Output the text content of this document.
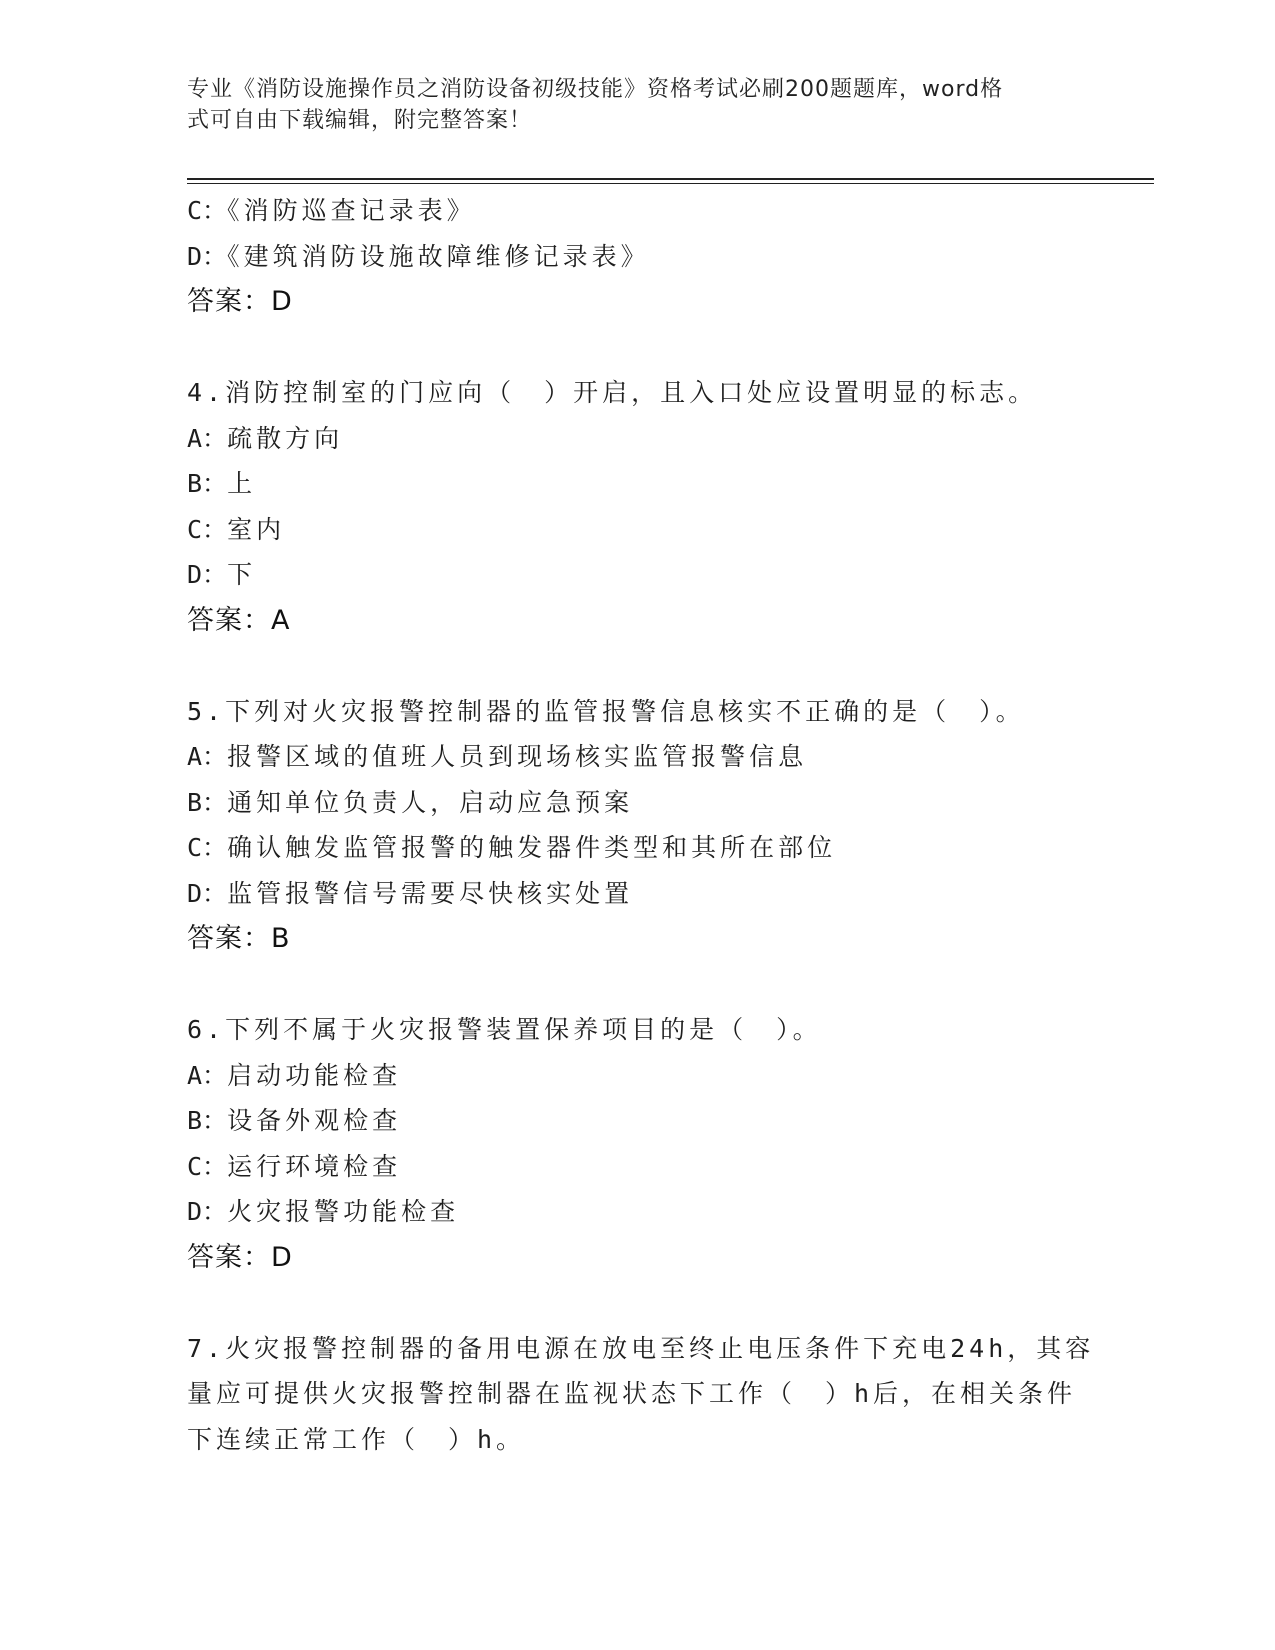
专业《消防设施操作员之消防设备初级技能》资格考试必刷200题题库，word格
式可自由下载编辑，附完整答案！
C：《消防巡查记录表》
D：《建筑消防设施故障维修记录表》
答案：D
4.消防控制室的门应向（　）开启，且入口处应设置明显的标志。
A：疏散方向
B：上
C：室内
D：下
答案：A
5.下列对火灾报警控制器的监管报警信息核实不正确的是（　）。
A：报警区域的值班人员到现场核实监管报警信息
B：通知单位负责人，启动应急预案
C：确认触发监管报警的触发器件类型和其所在部位
D：监管报警信号需要尽快核实处置
答案：B
6.下列不属于火灾报警装置保养项目的是（　）。
A：启动功能检查
B：设备外观检查
C：运行环境检查
D：火灾报警功能检查
答案：D
7.火灾报警控制器的备用电源在放电至终止电压条件下充电24h，其容
量应可提供火灾报警控制器在监视状态下工作（　）h后，在相关条件
下连续正常工作（　）h。
